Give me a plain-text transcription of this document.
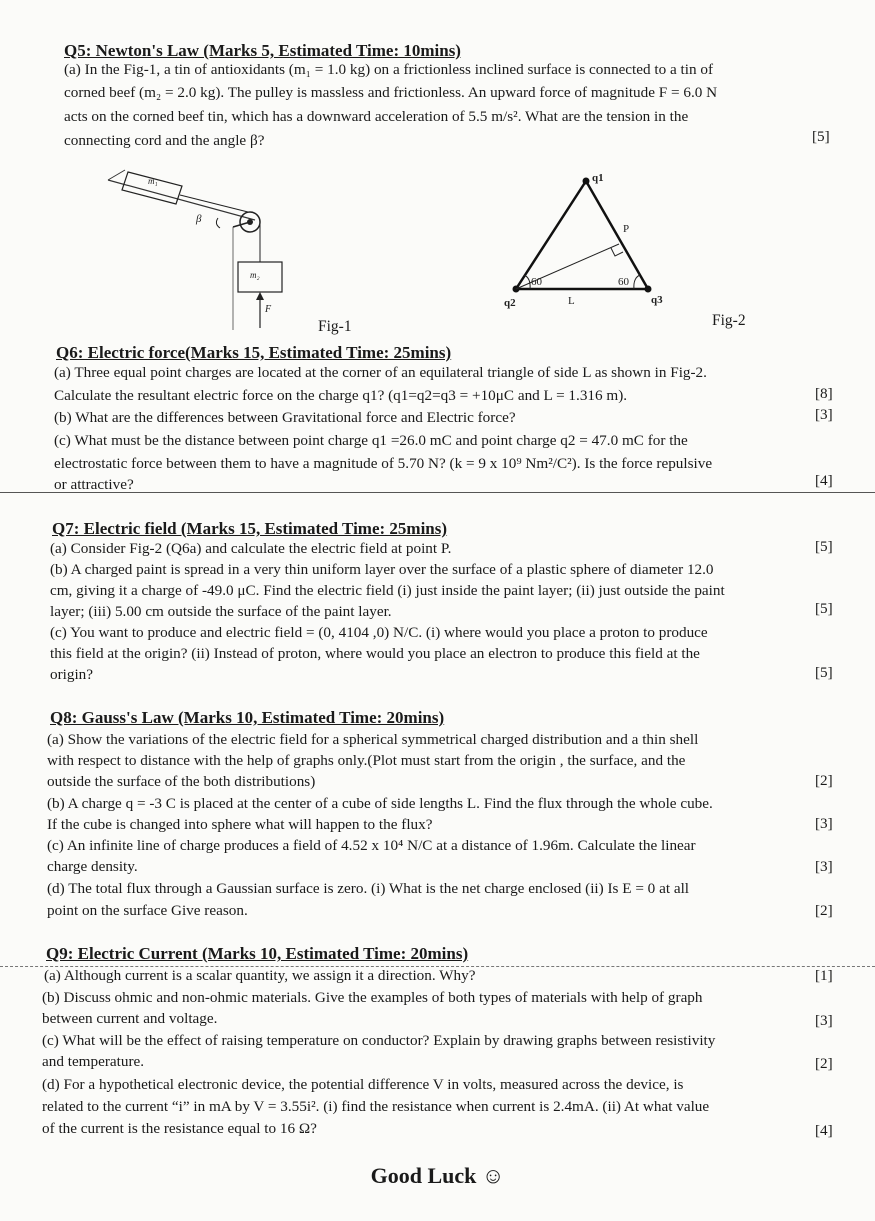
Q5: Newton's Law (Marks 5, Estimated Time: 10mins)
(a) In the Fig-1, a tin of antioxidants (m₁ = 1.0 kg) on a frictionless inclined surface is connected to a tin of
corned beef (m₂ = 2.0 kg). The pulley is massless and frictionless. An upward force of magnitude F = 6.0 N
acts on the corned beef tin, which has a downward acceleration of 5.5 m/s². What are the tension in the
connecting cord and the angle β?	[5]
m₁
m₂
β
F
Fig-1
q1
q2	q3
P
60	60
L
Fig-2
Q6: Electric force(Marks 15, Estimated Time: 25mins)
(a) Three equal point charges are located at the corner of an equilateral triangle of side L as shown in Fig-2.
Calculate the resultant electric force on the charge q1? (q1=q2=q3 = +10μC and L = 1.316 m).	[8]
(b) What are the differences between Gravitational force and Electric force?	[3]
(c) What must be the distance between point charge q1 =26.0 mC and point charge q2 = 47.0 mC for the
electrostatic force between them to have a magnitude of 5.70 N? (k = 9 x 10⁹ Nm²/C²). Is the force repulsive
or attractive?	[4]
Q7: Electric field (Marks 15, Estimated Time: 25mins)
(a) Consider Fig-2 (Q6a) and calculate the electric field at point P.	[5]
(b) A charged paint is spread in a very thin uniform layer over the surface of a plastic sphere of diameter 12.0
cm, giving it a charge of -49.0 μC. Find the electric field (i) just inside the paint layer; (ii) just outside the paint
layer; (iii) 5.00 cm outside the surface of the paint layer.	[5]
(c) You want to produce and electric field = (0, 4104 ,0) N/C. (i) where would you place a proton to produce
this field at the origin? (ii) Instead of proton, where would you place an electron to produce this field at the
origin?	[5]
Q8: Gauss's Law (Marks 10, Estimated Time: 20mins)
(a) Show the variations of the electric field for a spherical symmetrical charged distribution and a thin shell
with respect to distance with the help of graphs only.(Plot must start from the origin , the surface, and the
outside the surface of the both distributions)	[2]
(b) A charge q = -3 C is placed at the center of a cube of side lengths L. Find the flux through the whole cube.
If the cube is changed into sphere what will happen to the flux?	[3]
(c) An infinite line of charge produces a field of 4.52 x 10⁴ N/C at a distance of 1.96m. Calculate the linear
charge density.	[3]
(d) The total flux through a Gaussian surface is zero. (i) What is the net charge enclosed (ii) Is E = 0 at all
point on the surface Give reason.	[2]
Q9: Electric Current (Marks 10, Estimated Time: 20mins)
(a) Although current is a scalar quantity, we assign it a direction. Why?	[1]
(b) Discuss ohmic and non-ohmic materials. Give the examples of both types of materials with help of graph
between current and voltage.	[3]
(c) What will be the effect of raising temperature on conductor? Explain by drawing graphs between resistivity
and temperature.	[2]
(d) For a hypothetical electronic device, the potential difference V in volts, measured across the device, is
related to the current “i” in mA by V = 3.55i². (i) find the resistance when current is 2.4mA. (ii) At what value
of the current is the resistance equal to 16 Ω?	[4]
Good Luck ☺
